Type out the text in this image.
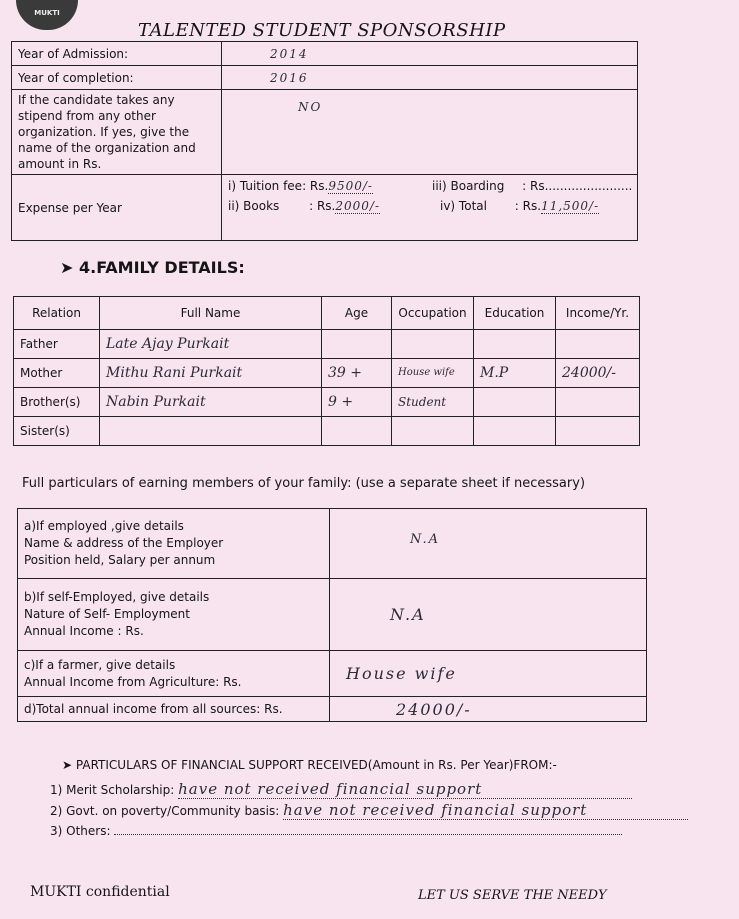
MUKTI
TALENTED STUDENT SPONSORSHIP
Year of Admission:	2014
Year of completion:	2016
If the candidate takes any stipend from any other organization. If yes, give the name of the organization and amount in Rs.	NO
Expense per Year	i) Tuition fee: Rs.9500/-
ii) Books : Rs.2000/-
iii) Boarding : Rs.......................
iv) Total : Rs.11,500/-
➤ 4.FAMILY DETAILS:
Relation	Full Name	Age	Occupation	Education	Income/Yr.
Father	Late Ajay Purkait				
Mother	Mithu Rani Purkait	39 +	House wife	M.P	24000/-
Brother(s)	Nabin Purkait	9 +	Student		
Sister(s)					
Full particulars of earning members of your family: (use a separate sheet if necessary)
a)If employed ,give details
Name & address of the Employer
Position held, Salary per annum	N.A

b)If self-Employed, give details
Nature of Self- Employment
Annual Income : Rs.	N.A

c)If a farmer, give details
Annual Income from Agriculture: Rs.	House wife
d)Total annual income from all sources: Rs.	24000/-
➤ PARTICULARS OF FINANCIAL SUPPORT RECEIVED(Amount in Rs. Per Year)FROM:-
1) Merit Scholarship: have not received financial support
2) Govt. on poverty/Community basis: have not received financial support
3) Others:
MUKTI confidential	LET US SERVE THE NEEDY
